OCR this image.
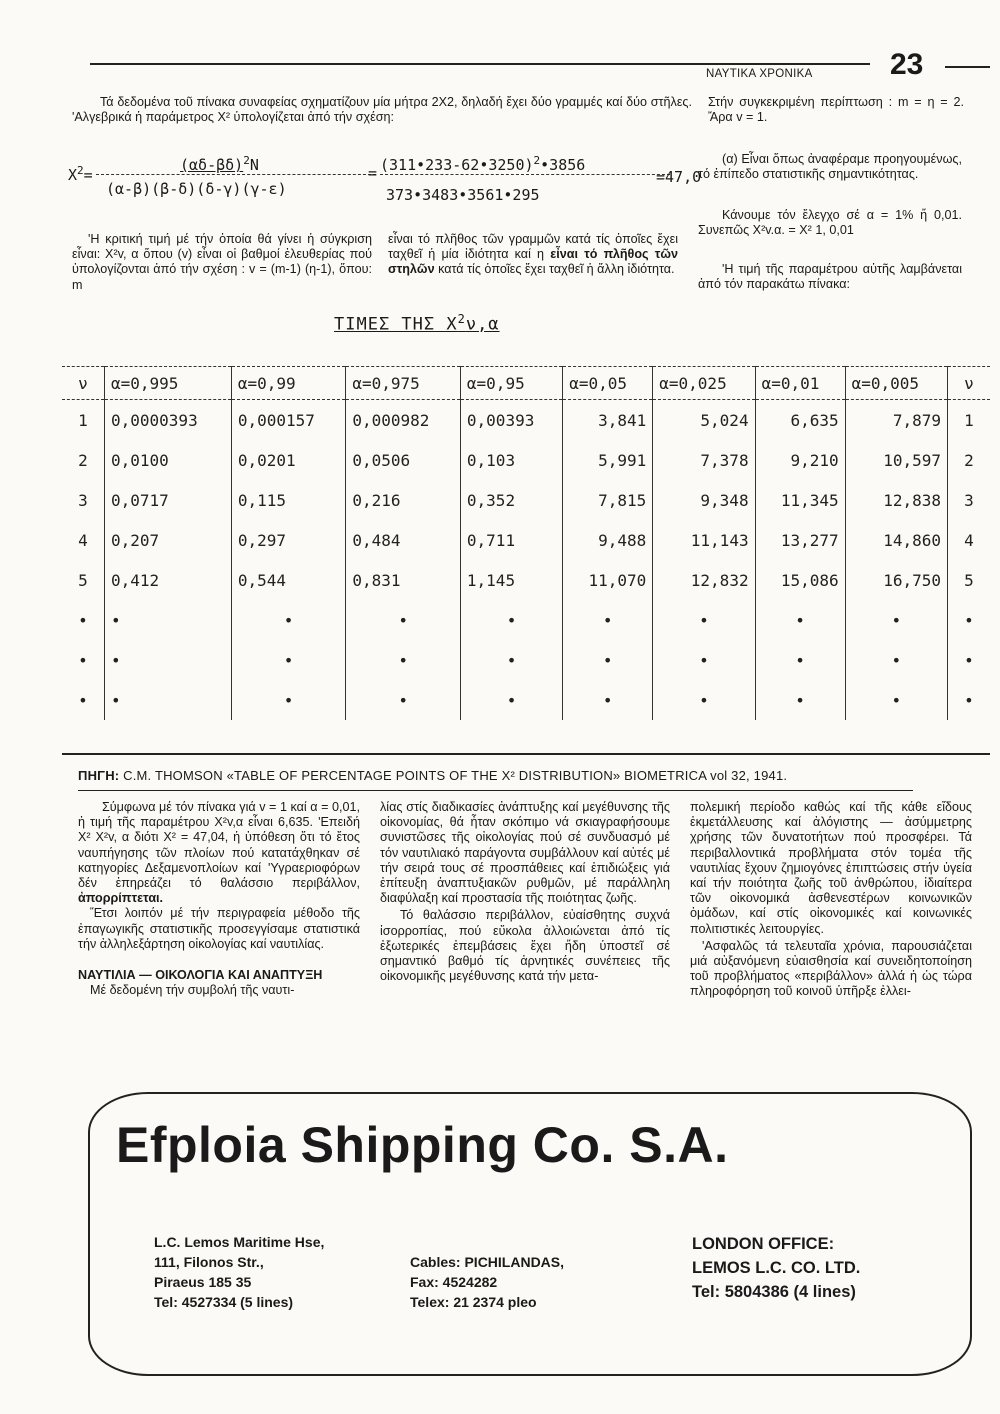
ΝΑΥΤΙΚΑ ΧΡΟΝΙΚΑ	23

Τά δεδομένα τοῦ πίνακα συναφείας σχηματίζουν μία μήτρα 2Χ2, δηλαδή ἔχει δύο γραμμές καί δύο στῆλες. 'Αλγεβρικά ἡ παράμετρος Χ² ὑπολογίζεται ἀπό τήν σχέση:

Στήν συγκεκριμένη περίπτωση : m = η = 2. Ἄρα v = 1.

$X^2=$

$(\alpha\delta-\beta\delta)^2N$

(α-β)(β-δ)(δ-γ)(γ-ε)

=

(311•233-62•3250)$^2$•3856

373•3483•3561•295

=47,0

(α) Εἶναι ὅπως ἀναφέραμε προηγουμένως, τό ἐπίπεδο στατιστικῆς σημαντικότητας.

Κάνουμε τόν ἔλεγχο σέ α = 1% ἤ 0,01. Συνεπῶς Χ²v.α. = Χ² 1, 0,01

'Η κριτική τιμή μέ τήν ὁποία θά γίνει ἡ σύγκριση εἶναι: Χ²v, α ὅπου (v) εἶναι οἱ βαθμοί ἐλευθερίας πού ὑπολογίζονται ἀπό τήν σχέση : v = (m-1) (η-1), ὅπου: m

εἶναι τό πλῆθος τῶν γραμμῶν κατά τίς ὁποῖες ἔχει ταχθεῖ ἡ μία ἰδιότητα καί η εἶναι τό πλῆθος τῶν στηλῶν κατά τίς ὁποῖες ἔχει ταχθεῖ ἡ ἄλλη ἰδιότητα.	'Η τιμή τῆς παραμέτρου αὐτῆς λαμβάνεται ἀπό τόν παρακάτω πίνακα:

ΤΙΜΕΣ ΤΗΣ $X^2\nu,\alpha$
ν	α=0,995	α=0,99	α=0,975	α=0,95	α=0,05	α=0,025	α=0,01	α=0,005	ν
1	0,0000393	0,000157	0,000982	0,00393	3,841	5,024	6,635	7,879	1
2	0,0100	0,0201	0,0506	0,103	5,991	7,378	9,210	10,597	2
3	0,0717	0,115	0,216	0,352	7,815	9,348	11,345	12,838	3
4	0,207	0,297	0,484	0,711	9,488	11,143	13,277	14,860	4
5	0,412	0,544	0,831	1,145	11,070	12,832	15,086	16,750	5
•	•	•	•	•	•	•	•	•	•
•	•	•	•	•	•	•	•	•	•
•	•	•	•	•	•	•	•	•	•
ΠΗΓΗ: C.M. THOMSON «TABLE OF PERCENTAGE POINTS OF THE X² DISTRIBUTION» BIOMETRICA vol 32, 1941.

Σύμφωνα μέ τόν πίνακα γιά v = 1 καί α = 0,01, ἡ τιμή τῆς παραμέτρου Χ²v,α εἶναι 6,635. 'Επειδή Χ² Χ²v, α διότι Χ² = 47,04, ἡ ὑπόθεση ὅτι τό ἔτος ναυπήγησης τῶν πλοίων πού κατατάχθηκαν σέ κατηγορίες Δεξαμενοπλοίων καί 'Υγραεριοφόρων δέν ἐπηρεάζει τό θαλάσσιο περιβάλλον, ἀπορρίπτεται.

Ἔτσι λοιπόν μέ τήν περιγραφεία μέθοδο τῆς ἐπαγωγικῆς στατιστικῆς προσεγγίσαμε στατιστικά τήν ἀλληλεξάρτηση οἰκολογίας καί ναυτιλίας.

ΝΑΥΤΙΛΙΑ — ΟΙΚΟΛΟΓΙΑ ΚΑΙ ΑΝΑΠΤΥΞΗ

Μέ δεδομένη τήν συμβολή τῆς ναυτι-

λίας στίς διαδικασίες ἀνάπτυξης καί μεγέθυνσης τῆς οἰκονομίας, θά ἦταν σκόπιμο νά σκιαγραφήσουμε συνιστῶσες τῆς οἰκολογίας πού σέ συνδυασμό μέ τόν ναυτιλιακό παράγοντα συμβάλλουν καί αὐτές μέ τήν σειρά τους σέ προσπάθειες καί ἐπιδιώξεις γιά ἐπίτευξη ἀναπτυξιακῶν ρυθμῶν, μέ παράλληλη διαφύλαξη καί προστασία τῆς ποιότητας ζωῆς.

Τό θαλάσσιο περιβάλλον, εὐαίσθητης συχνά ἰσορροπίας, πού εὔκολα ἀλλοιώνεται ἀπό τίς ἐξωτερικές ἐπεμβάσεις ἔχει ἤδη ὑποστεῖ σέ σημαντικό βαθμό τίς ἀρνητικές συνέπειες τῆς οἰκονομικῆς μεγέθυνσης κατά τήν μετα-

πολεμική περίοδο καθώς καί τῆς κάθε εἴδους ἐκμετάλλευσης καί ἀλόγιστης — ἀσύμμετρης χρήσης τῶν δυνατοτήτων πού προσφέρει. Τά περιβαλλοντικά προβλήματα στόν τομέα τῆς ναυτιλίας ἔχουν ζημιογόνες ἐπιπτώσεις στήν ὑγεία καί τήν ποιότητα ζωῆς τοῦ ἀνθρώπου, ἰδιαίτερα τῶν οἰκονομικά ἀσθενεστέρων κοινωνικῶν ὁμάδων, καί στίς οἰκονομικές καί κοινωνικές πολιτιστικές λειτουργίες.

'Ασφαλῶς τά τελευταῖα χρόνια, παρουσιάζεται μιά αὐξανόμενη εὐαισθησία καί συνειδητοποίηση τοῦ προβλήματος «περιβάλλον» ἀλλά ἡ ὡς τώρα πληροφόρηση τοῦ κοινοῦ ὑπῆρξε ἐλλει-

Efploia Shipping Co. S.A.
L.C. Lemos Maritime Hse,
111, Filonos Str.,
Piraeus 185 35
Tel: 4527334 (5 lines)
Cables: PICHILANDAS,
Fax: 4524282
Telex: 21 2374 pleo
LONDON OFFICE:
LEMOS L.C. CO. LTD.
Tel: 5804386 (4 lines)
